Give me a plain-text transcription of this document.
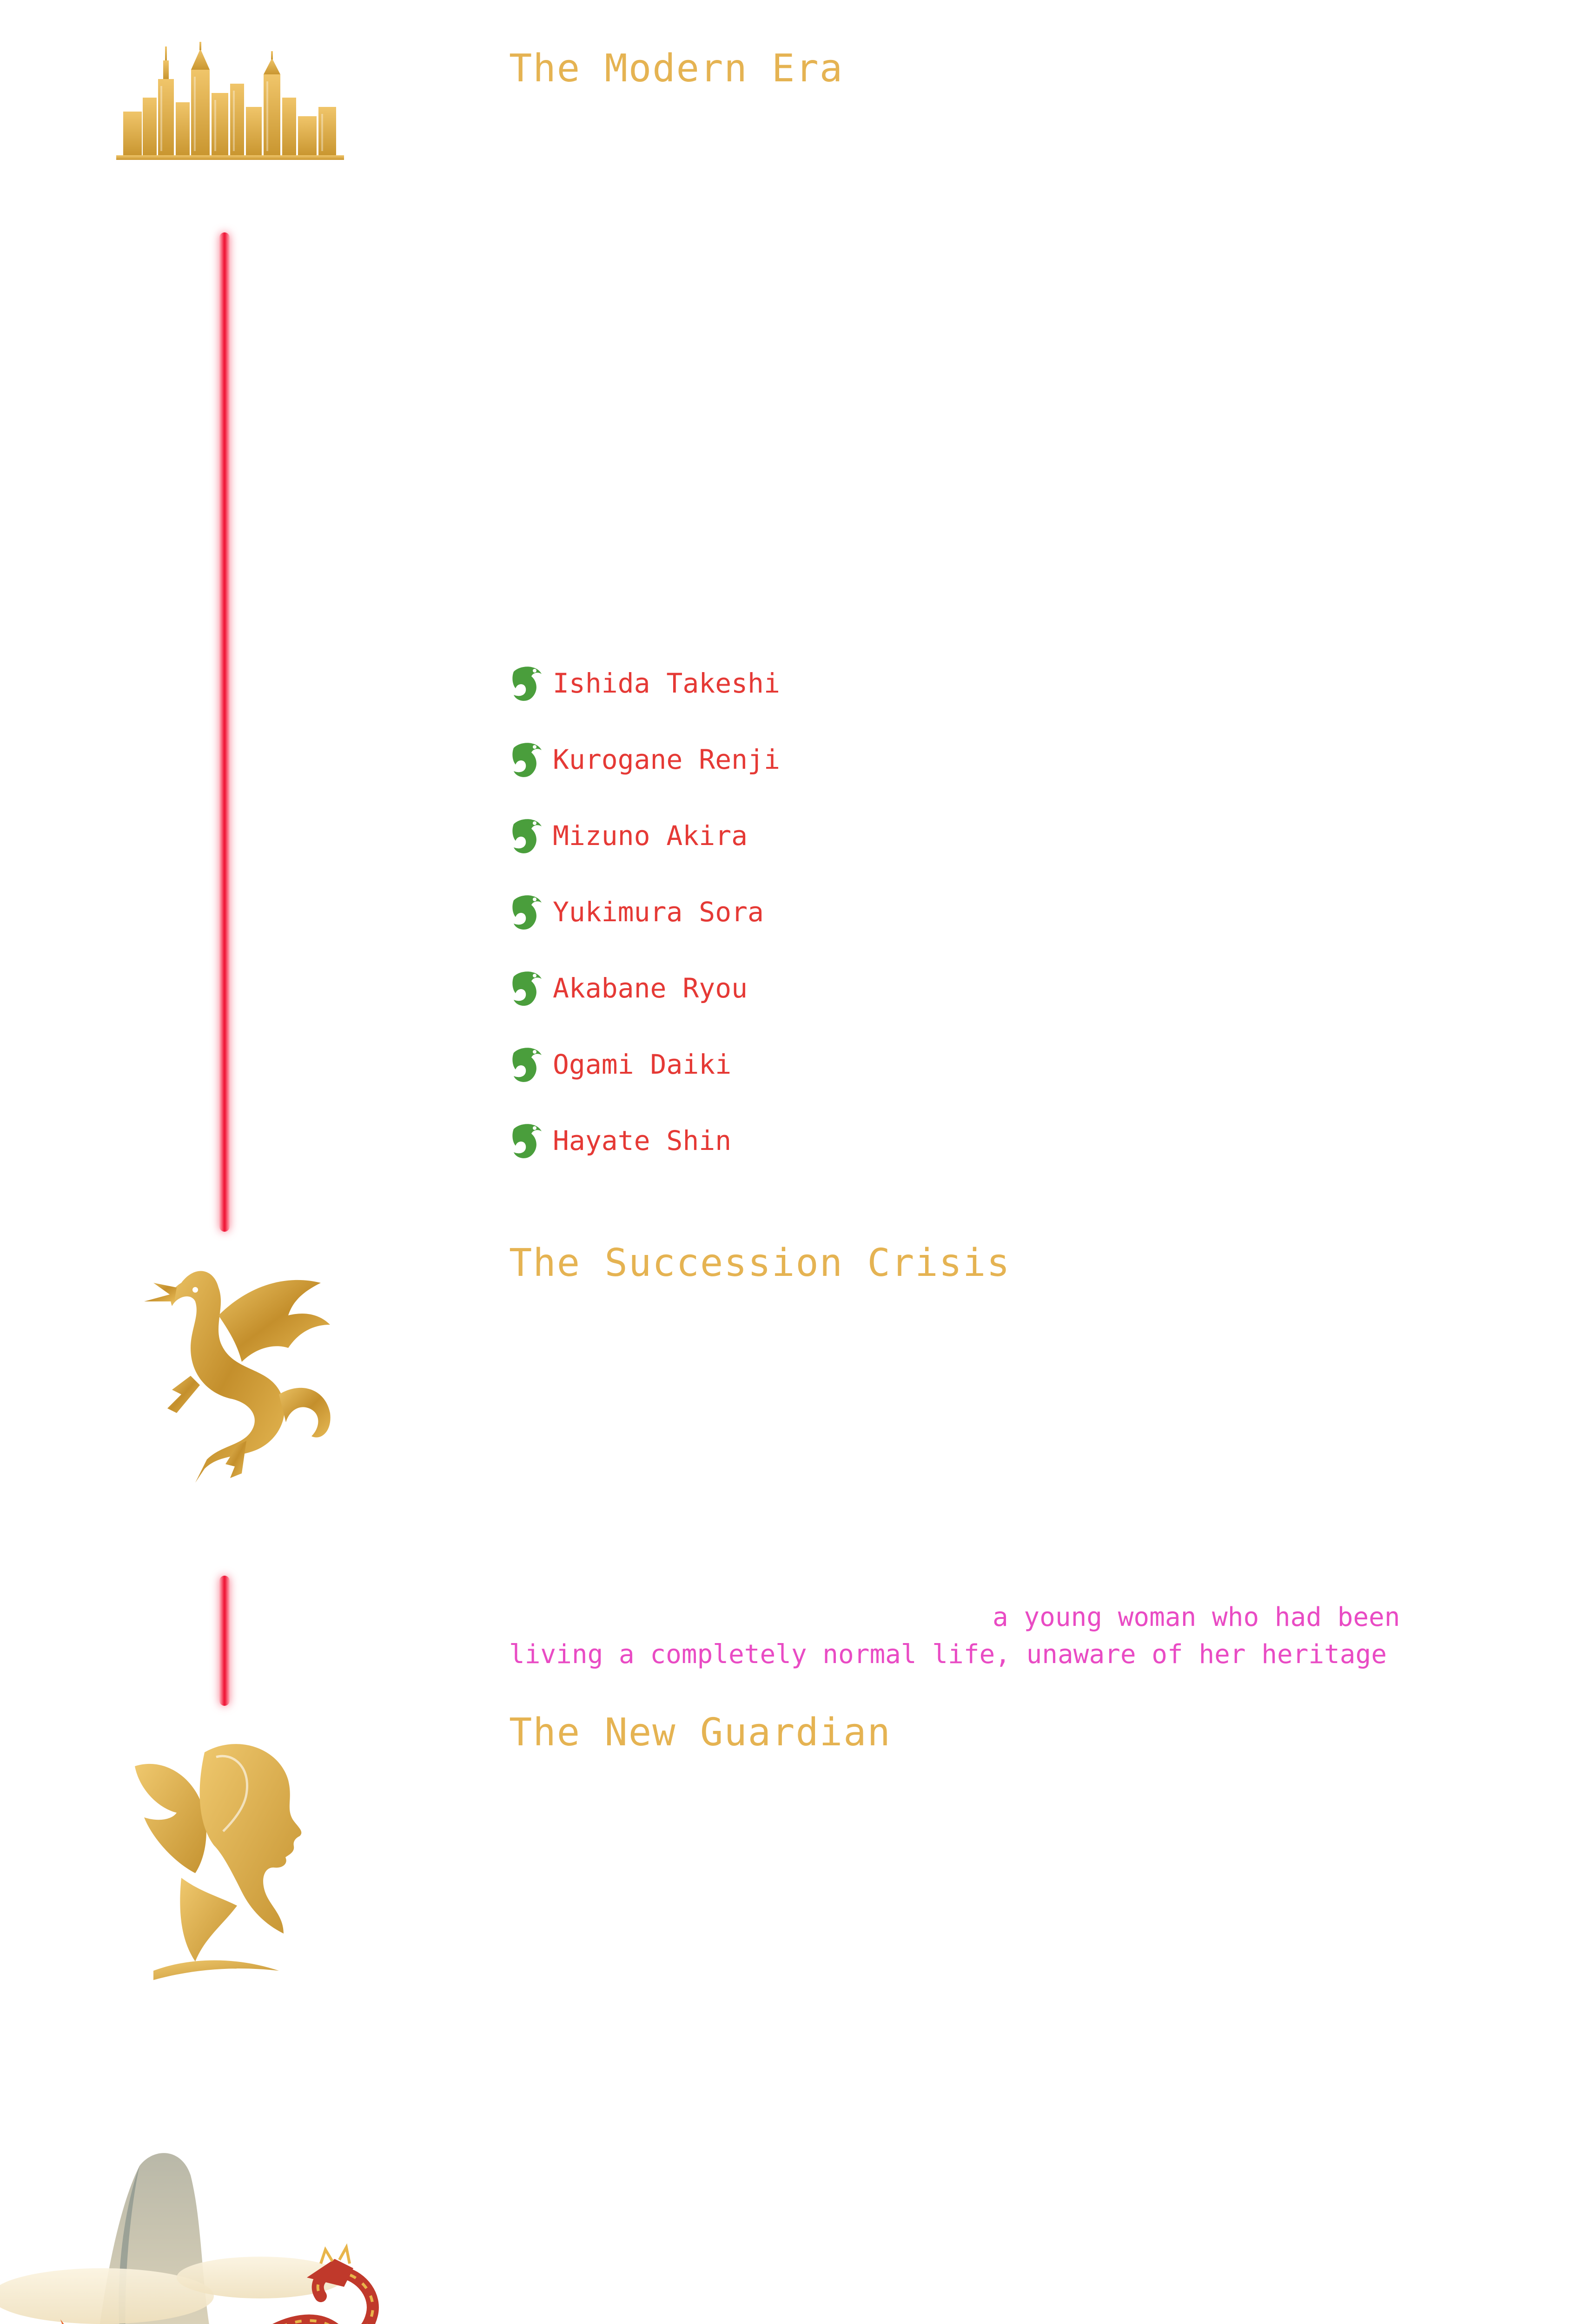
The Modern Era
Ishida Takeshi
Kurogane Renji
Mizuno Akira
Yukimura Sora
Akabane Ryou
Ogami Daiki
Hayate Shin
The Succession Crisis
a young woman who had been living a completely normal life, unaware of her heritage
The New Guardian
